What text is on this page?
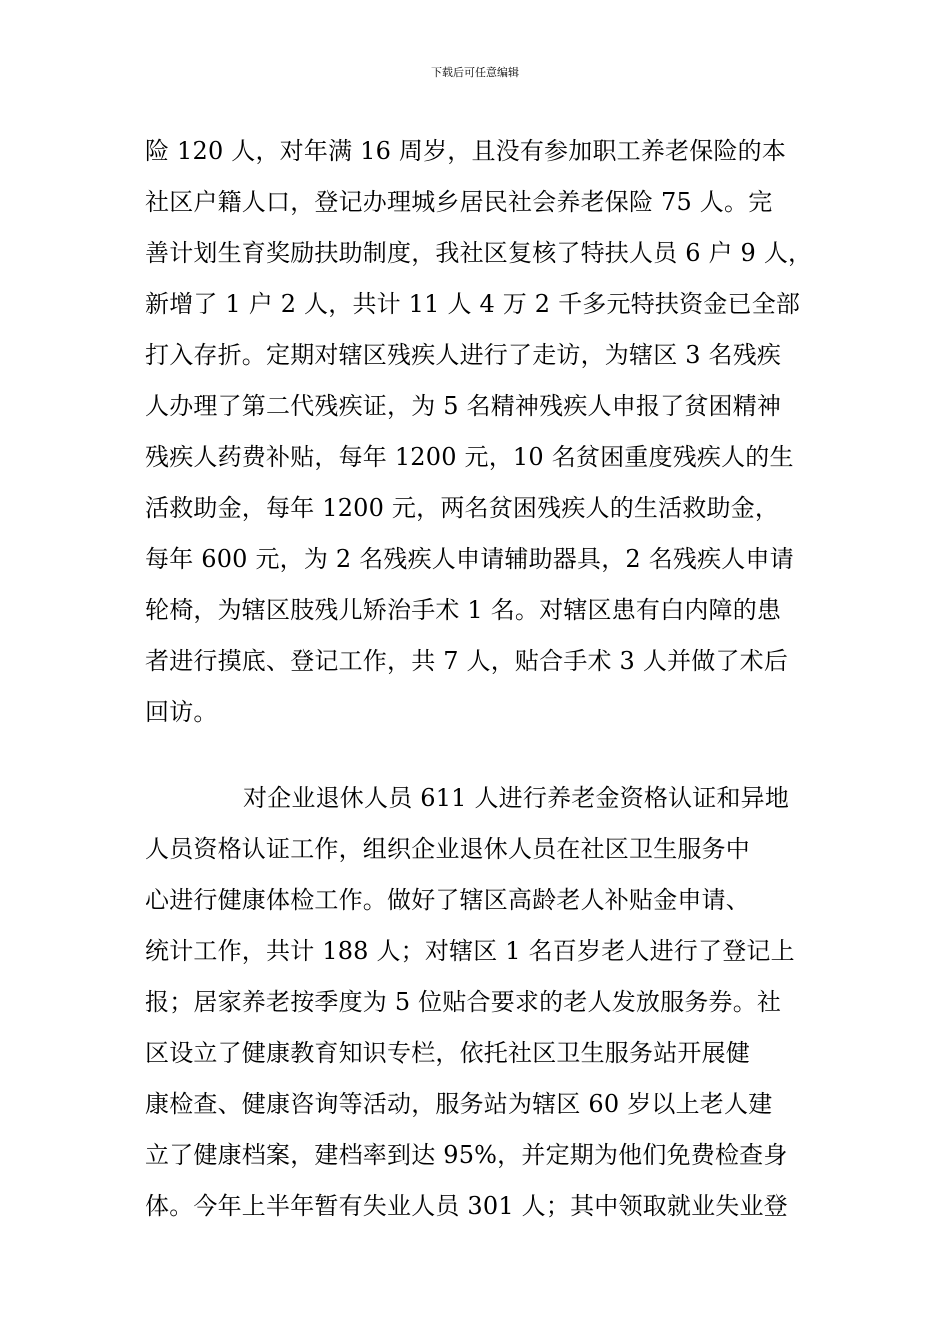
下载后可任意编辑
险 120 人，对年满 16 周岁，且没有参加职工养老保险的本
社区户籍人口，登记办理城乡居民社会养老保险 75 人。完
善计划生育奖励扶助制度，我社区复核了特扶人员 6 户 9 人，
新增了 1 户 2 人，共计 11 人 4 万 2 千多元特扶资金已全部
打入存折。定期对辖区残疾人进行了走访，为辖区 3 名残疾
人办理了第二代残疾证，为 5 名精神残疾人申报了贫困精神
残疾人药费补贴，每年 1200 元，10 名贫困重度残疾人的生
活救助金，每年 1200 元，两名贫困残疾人的生活救助金，
每年 600 元，为 2 名残疾人申请辅助器具，2 名残疾人申请
轮椅，为辖区肢残儿矫治手术 1 名。对辖区患有白内障的患
者进行摸底、登记工作，共 7 人，贴合手术 3 人并做了术后
回访。
对企业退休人员 611 人进行养老金资格认证和异地
人员资格认证工作，组织企业退休人员在社区卫生服务中
心进行健康体检工作。做好了辖区高龄老人补贴金申请、
统计工作，共计 188 人；对辖区 1 名百岁老人进行了登记上
报；居家养老按季度为 5 位贴合要求的老人发放服务券。社
区设立了健康教育知识专栏，依托社区卫生服务站开展健
康检查、健康咨询等活动，服务站为辖区 60 岁以上老人建
立了健康档案，建档率到达 95%，并定期为他们免费检查身
体。今年上半年暂有失业人员 301 人；其中领取就业失业登
